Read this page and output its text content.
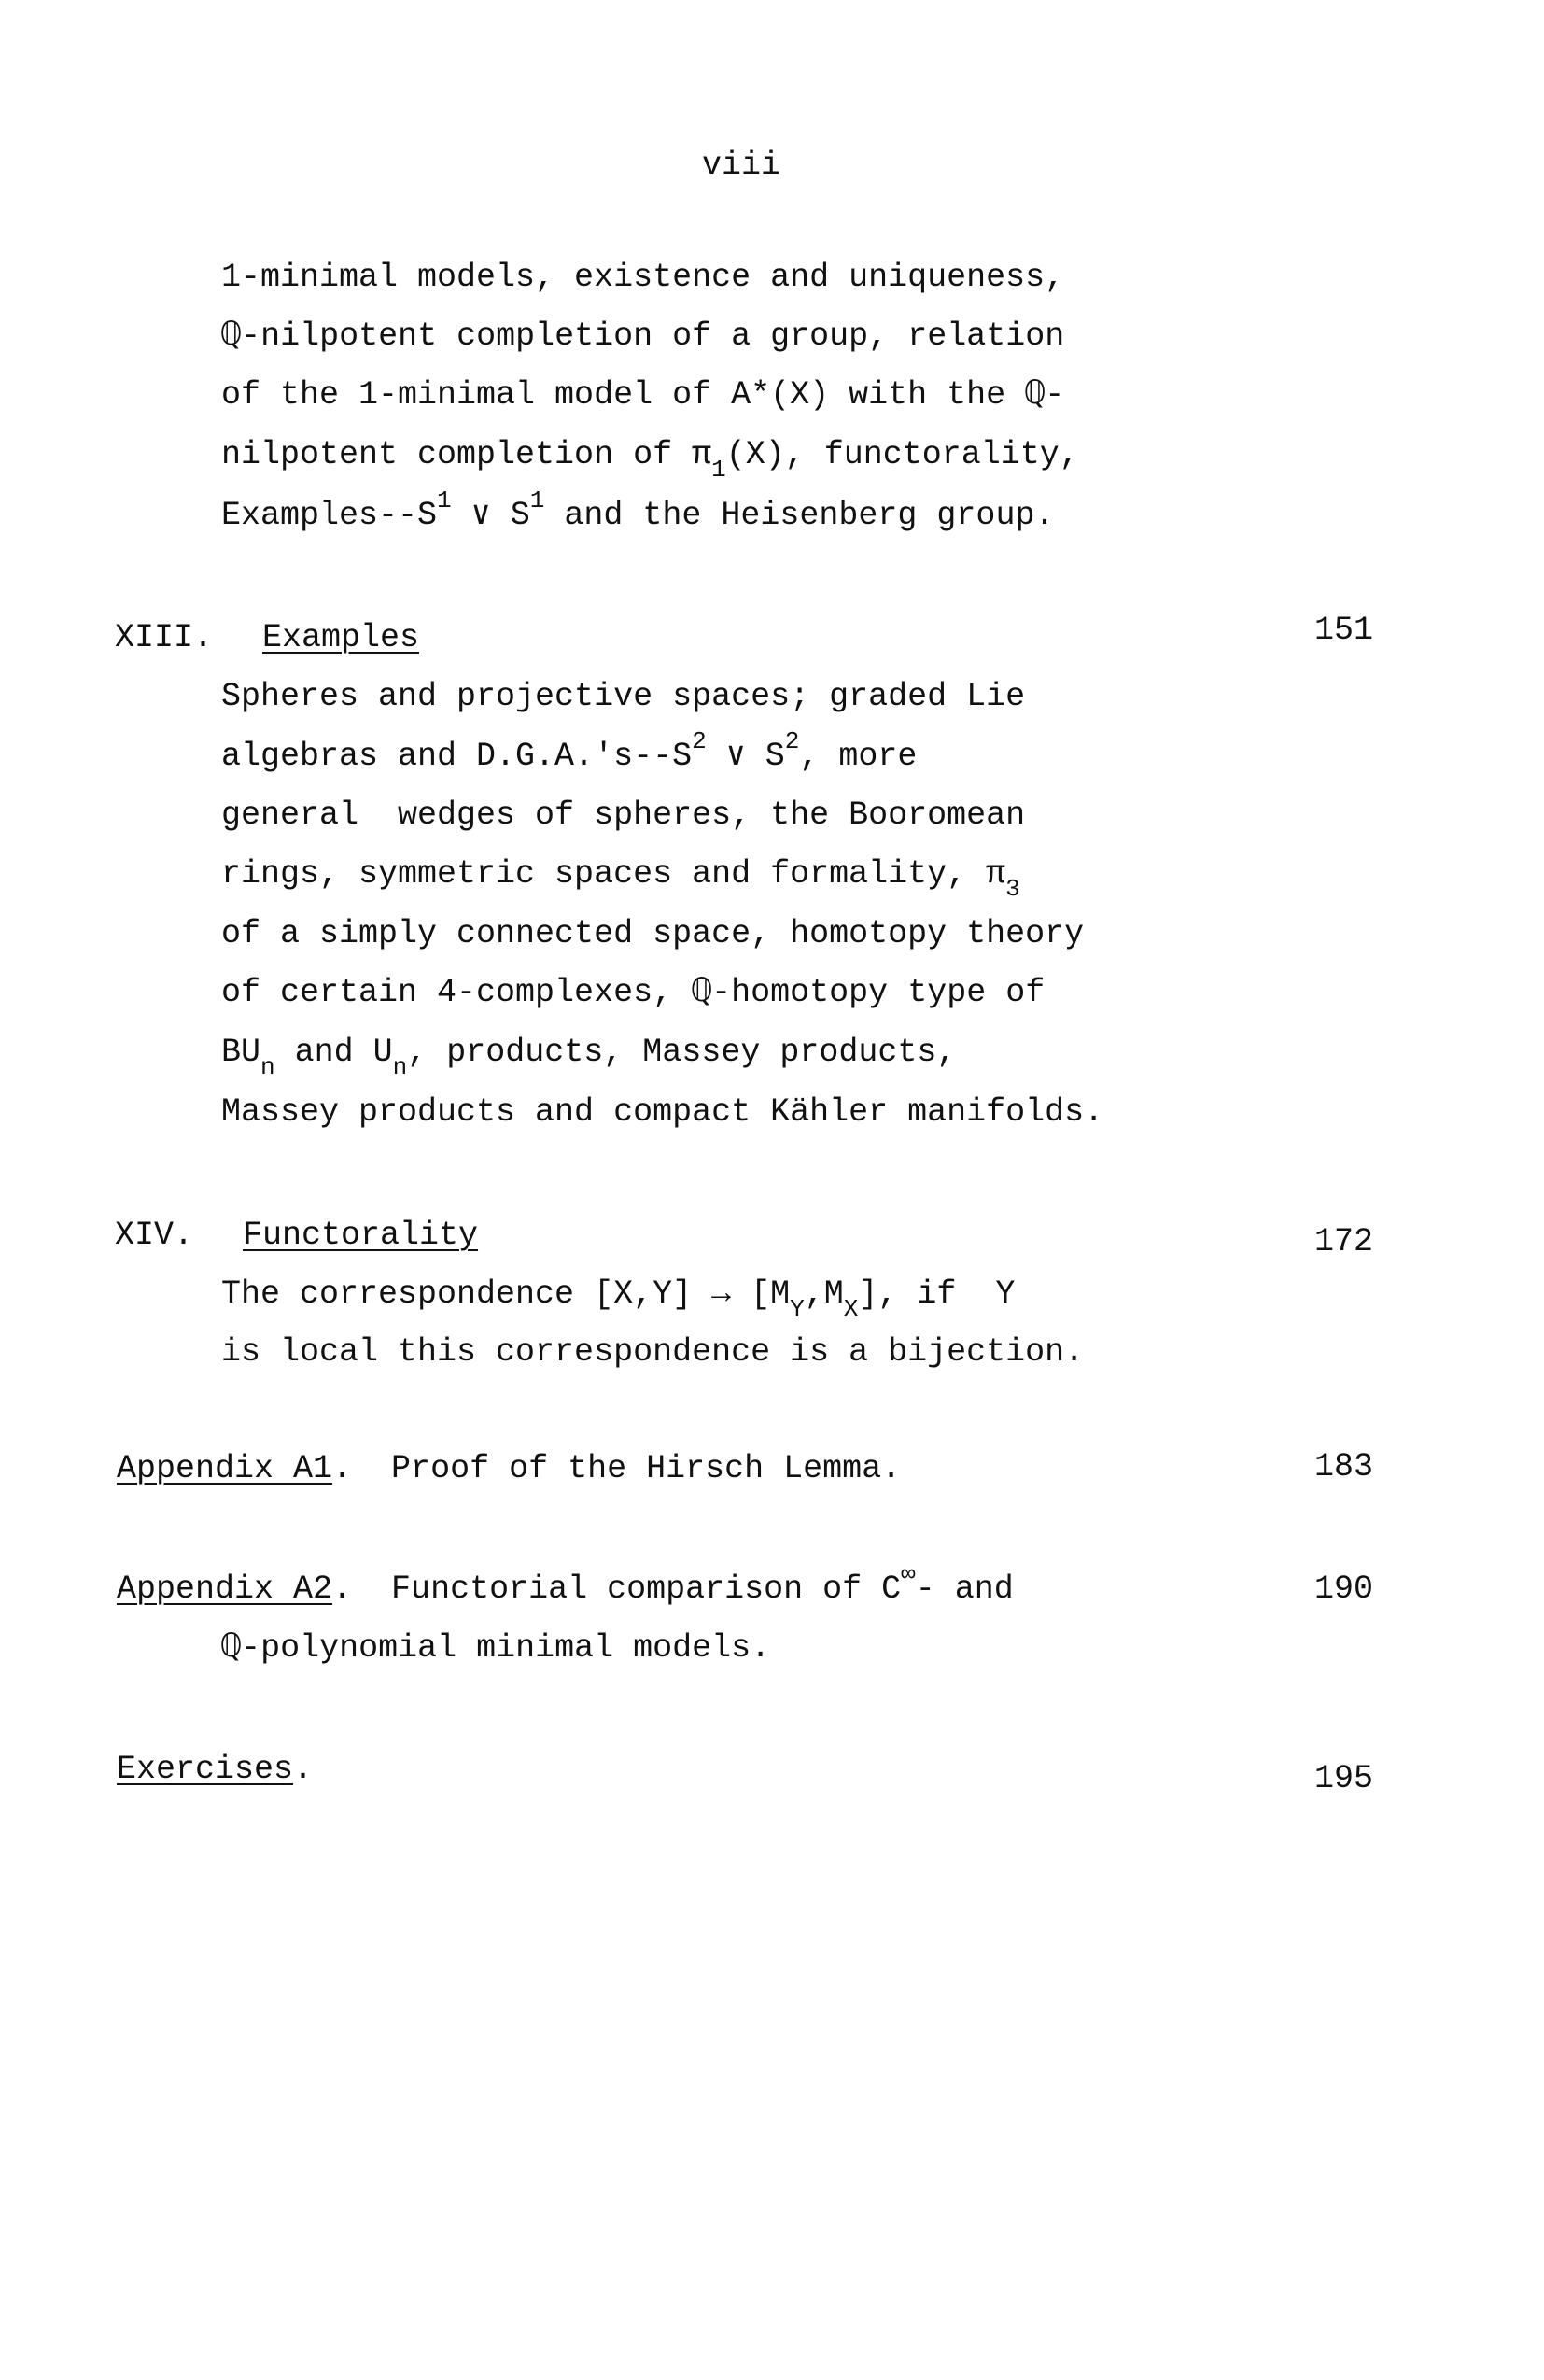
viii
1-minimal models, existence and uniqueness,
ℚ-nilpotent completion of a group, relation
of the 1-minimal model of A*(X) with the ℚ-
nilpotent completion of $\pi_1(X)$, functorality,
Examples-$-S^1$ ∨ $S^1$ and the Heisenberg group.
XIII. Examples	151
Spheres and projective spaces; graded Lie
algebras and $D.G.A.'s--S^2$ ∨ $S^2$, more
general  wedges of spheres, the Booromean
rings, symmetric spaces and formality, $\pi_3$
of a simply connected space, homotopy theory
of certain 4-complexes, ℚ-homotopy type of
$BU_n$ and $U_n$, products, Massey products,
Massey products and compact Kähler manifolds.
XIV. Functorality	172
The correspondence $[X,Y] \to [M_Y,M_X]$, if  Y
is local this correspondence is a bijection.
Appendix A1.  Proof of the Hirsch Lemma.	183
Appendix A2.  Functorial comparison of C∞- and	190
ℚ-polynomial minimal models.
Exercises.	195
